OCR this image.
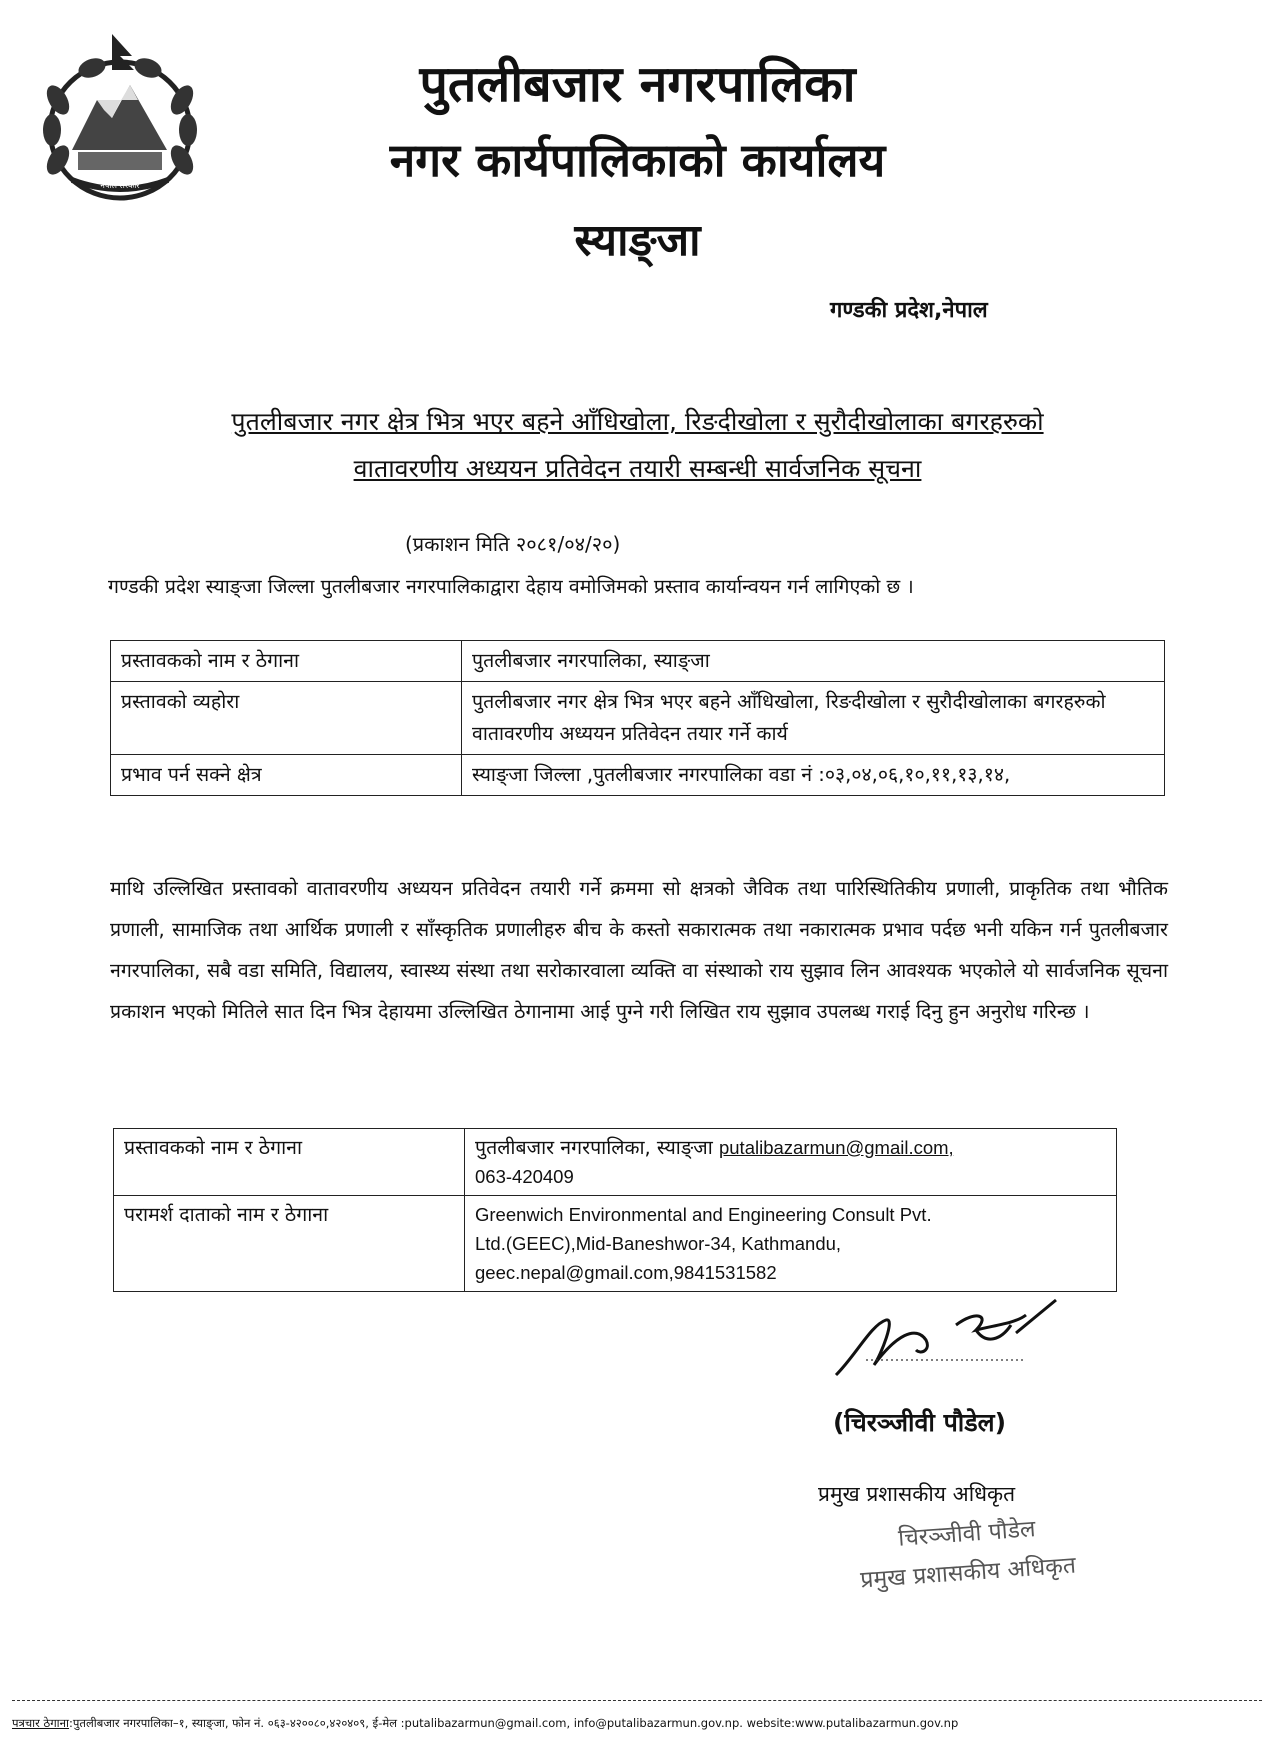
नेपाल सरकार
पुतलीबजार नगरपालिका
नगर कार्यपालिकाको कार्यालय
स्याङ्जा
गण्डकी प्रदेश,नेपाल
पुतलीबजार नगर क्षेत्र भित्र भएर बहने आँधिखोला, रिङदीखोला र सुरौदीखोलाका बगरहरुको
वातावरणीय अध्ययन प्रतिवेदन तयारी सम्बन्धी सार्वजनिक सूचना
(प्रकाशन मिति २०८१/०४/२०)
गण्डकी प्रदेश स्याङ्जा जिल्ला पुतलीबजार नगरपालिकाद्वारा देहाय वमोजिमको प्रस्ताव कार्यान्वयन गर्न लागिएको छ ।
प्रस्तावकको नाम र ठेगाना	पुतलीबजार नगरपालिका, स्याङ्जा
प्रस्तावको व्यहोरा	पुतलीबजार नगर क्षेत्र भित्र भएर बहने आँधिखोला, रिङदीखोला र सुरौदीखोलाका बगरहरुको वातावरणीय अध्ययन प्रतिवेदन तयार गर्ने कार्य
प्रभाव पर्न सक्ने क्षेत्र	स्याङ्जा जिल्ला ,पुतलीबजार नगरपालिका वडा नं :०३,०४,०६,१०,११,१३,१४,
माथि उल्लिखित प्रस्तावको वातावरणीय अध्ययन प्रतिवेदन तयारी गर्ने क्रममा सो क्षत्रको जैविक तथा पारिस्थितिकीय प्रणाली, प्राकृतिक तथा भौतिक प्रणाली, सामाजिक तथा आर्थिक प्रणाली र साँस्कृतिक प्रणालीहरु बीच के कस्तो सकारात्मक तथा नकारात्मक प्रभाव पर्दछ भनी यकिन गर्न पुतलीबजार नगरपालिका, सबै वडा समिति, विद्यालय, स्वास्थ्य संस्था तथा सरोकारवाला व्यक्ति वा संस्थाको राय सुझाव लिन आवश्यक भएकोले यो सार्वजनिक सूचना प्रकाशन भएको मितिले सात दिन भित्र देहायमा उल्लिखित ठेगानामा आई पुग्ने गरी लिखित राय सुझाव उपलब्ध गराई दिनु हुन अनुरोध गरिन्छ ।
प्रस्तावकको नाम र ठेगाना	पुतलीबजार नगरपालिका, स्याङ्जा putalibazarmun@gmail.com,
063-420409
परामर्श दाताको नाम र ठेगाना	Greenwich Environmental and Engineering Consult Pvt.
Ltd.(GEEC),Mid-Baneshwor-34, Kathmandu,
geec.nepal@gmail.com,9841531582
(चिरञ्जीवी पौडेल)
प्रमुख प्रशासकीय अधिकृत
चिरञ्जीवी पौडेल
प्रमुख प्रशासकीय अधिकृत
पत्रचार ठेगाना:पुतलीबजार नगरपालिका–१, स्याङ्जा, फोन नं. ०६३-४२००८०,४२०४०९, ई-मेल :putalibazarmun@gmail.com, info@putalibazarmun.gov.np. website:www.putalibazarmun.gov.np
